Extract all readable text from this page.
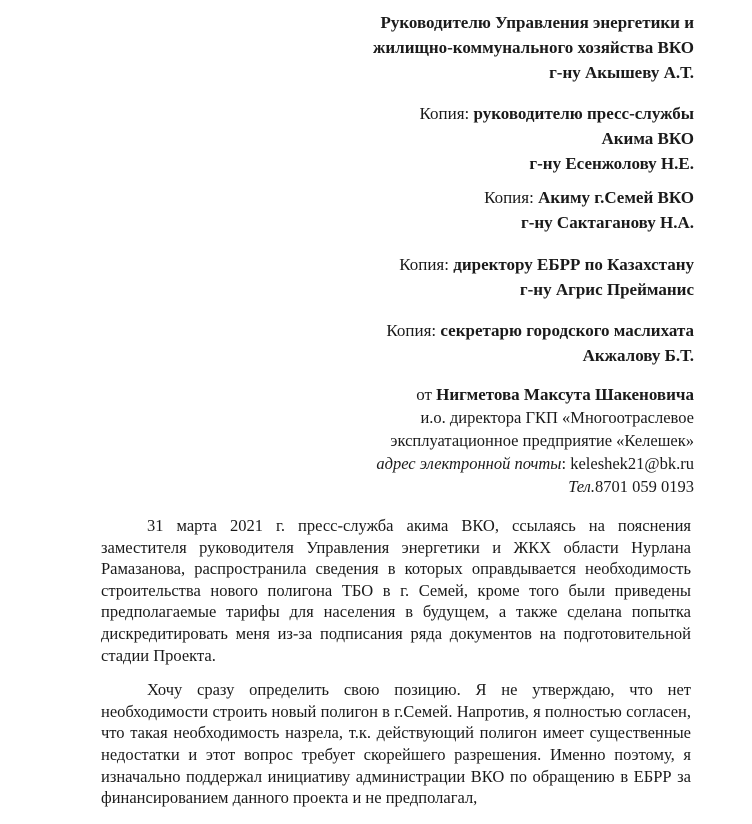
Руководителю Управления энергетики и
жилищно-коммунального хозяйства ВКО
г-ну Акышеву А.Т.
Копия: руководителю пресс-службы
Акима ВКО
г-ну Есенжолову Н.Е.
Копия: Акиму г.Семей ВКО
г-ну Сактаганову Н.А.
Копия: директору ЕБРР по Казахстану
г-ну Агрис Прейманис
Копия: секретарю городского маслихата
Акжалову Б.Т.
от Нигметова Максута Шакеновича
и.о. директора ГКП «Многоотраслевое
эксплуатационное предприятие «Келешек»
адрес электронной почты: keleshek21@bk.ru
Тел.8701 059 0193

31 марта 2021 г. пресс-служба акима ВКО, ссылаясь на пояснения заместителя руководителя Управления энергетики и ЖКХ области Нурлана Рамазанова, распространила сведения в которых оправдывается необходимость строительства нового полигона ТБО в г. Семей, кроме того были приведены предполагаемые тарифы для населения в будущем, а также сделана попытка дискредитировать меня из-за подписания ряда документов на подготовительной стадии Проекта.

Хочу сразу определить свою позицию. Я не утверждаю, что нет необходимости строить новый полигон в г.Семей. Напротив, я полностью согласен, что такая необходимость назрела, т.к. действующий полигон имеет существенные недостатки и этот вопрос требует скорейшего разрешения. Именно поэтому, я изначально поддержал инициативу администрации ВКО по обращению в ЕБРР за финансированием данного проекта и не предполагал,
